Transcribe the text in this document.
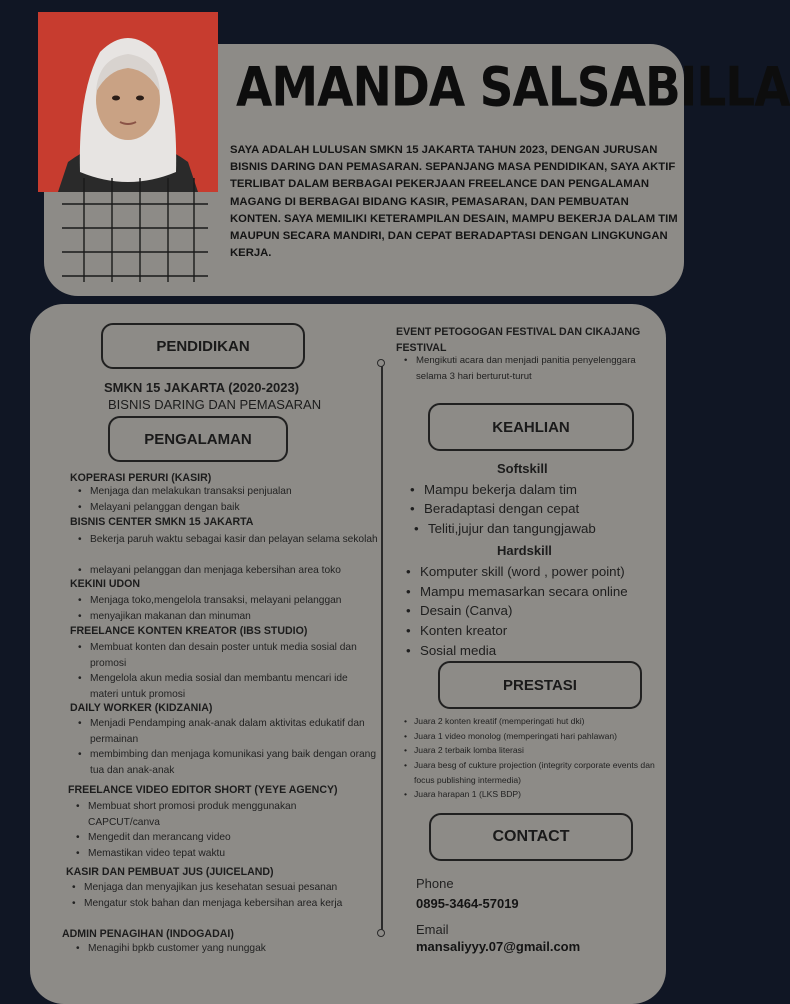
AMANDA SALSABILLA

SAYA ADALAH LULUSAN SMKN 15 JAKARTA TAHUN 2023, DENGAN JURUSAN BISNIS DARING DAN PEMASARAN. SEPANJANG MASA PENDIDIKAN, SAYA AKTIF TERLIBAT DALAM BERBAGAI PEKERJAAN FREELANCE DAN PENGALAMAN MAGANG DI BERBAGAI BIDANG KASIR, PEMASARAN, DAN PEMBUATAN KONTEN. SAYA MEMILIKI KETERAMPILAN DESAIN, MAMPU BEKERJA DALAM TIM MAUPUN SECARA MANDIRI, DAN CEPAT BERADAPTASI DENGAN LINGKUNGAN KERJA.

PENDIDIKAN
SMKN 15 JAKARTA (2020-2023)
BISNIS DARING DAN PEMASARAN
PENGALAMAN
KOPERASI PERURI (KASIR)
• Menjaga dan melakukan transaksi penjualan
• Melayani pelanggan dengan baik
BISNIS CENTER SMKN 15 JAKARTA
• Bekerja paruh waktu sebagai kasir dan pelayan selama sekolah
• melayani pelanggan dan menjaga kebersihan area toko
KEKINI UDON
• Menjaga toko,mengelola transaksi, melayani pelanggan
• menyajikan makanan dan minuman
FREELANCE KONTEN KREATOR (IBS STUDIO)
• Membuat konten dan desain poster untuk media sosial dan promosi
• Mengelola akun media sosial dan membantu mencari ide materi untuk promosi
DAILY WORKER (KIDZANIA)
• Menjadi Pendamping anak-anak dalam aktivitas edukatif dan permainan
• membimbing dan menjaga komunikasi yang baik dengan orang tua dan anak-anak
FREELANCE VIDEO EDITOR SHORT (YEYE AGENCY)
• Membuat short promosi produk menggunakan CAPCUT/canva
• Mengedit dan merancang video
• Memastikan video tepat waktu
KASIR DAN PEMBUAT JUS (JUICELAND)
• Menjaga dan menyajikan jus kesehatan sesuai pesanan
• Mengatur stok bahan dan menjaga kebersihan area kerja
ADMIN PENAGIHAN (INDOGADAI)
• Menagihi bpkb customer yang nunggak
EVENT PETOGOGAN FESTIVAL DAN CIKAJANG FESTIVAL
• Mengikuti acara dan menjadi panitia penyelenggara selama 3 hari berturut-turut
KEAHLIAN
Softskill
• Mampu bekerja dalam tim
• Beradaptasi dengan cepat
• Teliti,jujur dan tangungjawab
Hardskill
• Komputer skill (word , power point)
• Mampu memasarkan secara online
• Desain (Canva)
• Konten kreator
• Sosial media
PRESTASI
• Juara 2 konten kreatif (memperingati hut dki)
• Juara 1 video monolog (memperingati hari pahlawan)
• Juara 2 terbaik lomba literasi
• Juara besg of cukture projection (integrity corporate events dan focus publishing intermedia)
• Juara harapan 1 (LKS BDP)
CONTACT
Phone
0895-3464-57019
Email
mansaliyyy.07@gmail.com
